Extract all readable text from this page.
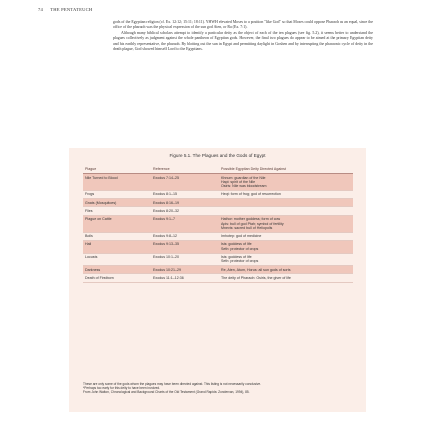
74 THE PENTATEUCH

gods of the Egyptian religion (cf. Ex. 12:12; 15:11; 18:11). YHWH elevated Moses to a position "like God" so that Moses could oppose Pharaoh as an equal, since the office of the pharaoh was the physical expression of the sun god Aten, or Ra (Ex. 7:1).

Although many biblical scholars attempt to identify a particular deity as the object of each of the ten plagues (see fig. 5.2), it seems better to understand the plagues collectively as judgment against the whole pantheon of Egyptian gods. However, the final two plagues do appear to be aimed at the primary Egyptian deity and his earthly representative, the pharaoh. By blotting out the sun in Egypt and permitting daylight in Goshen and by interrupting the pharaonic cycle of deity in the death plague, God showed himself Lord to the Egyptians.

Figure 5.1. The Plagues and the Gods of Egypt
Plague	Reference	Possible Egyptian Deity Directed Against
Nile Turned to Blood	Exodus 7:14–25	Khnum: guardian of the Nile
Hapi: spirit of the Nile
Osiris: Nile was bloodstream

Frogs	Exodus 8:1–15	Heqt: form of frog; god of resurrection

Gnats (Mosquitoes)	Exodus 8:16–19	
Flies	Exodus 8:20–32	
Plague on Cattle	Exodus 9:1–7	Hathor: mother goddess; form of cow
Apis: bull of god Ptah; symbol of fertility
Mnevis: sacred bull of Heliopolis

Boils	Exodus 9:8–12	Imhotep: god of medicine

Hail	Exodus 9:13–35	Isis: goddess of life
Seth: protector of crops

Locusts	Exodus 10:1–20	Isis: goddess of life
Seth: protector of crops

Darkness	Exodus 10:21–29	Re, Aten, Atum, Horus: all sun gods of sorts

Death of Firstborn	Exodus 11:1–12:36	The deity of Pharaoh: Osiris, the giver of life

These are only some of the gods whom the plagues may have been directed against. This listing is not necessarily conclusive.

*Perhaps too early for this deity to have been involved.

From John Walton, Chronological and Background Charts of the Old Testament (Grand Rapids: Zondervan, 1994), 85.
